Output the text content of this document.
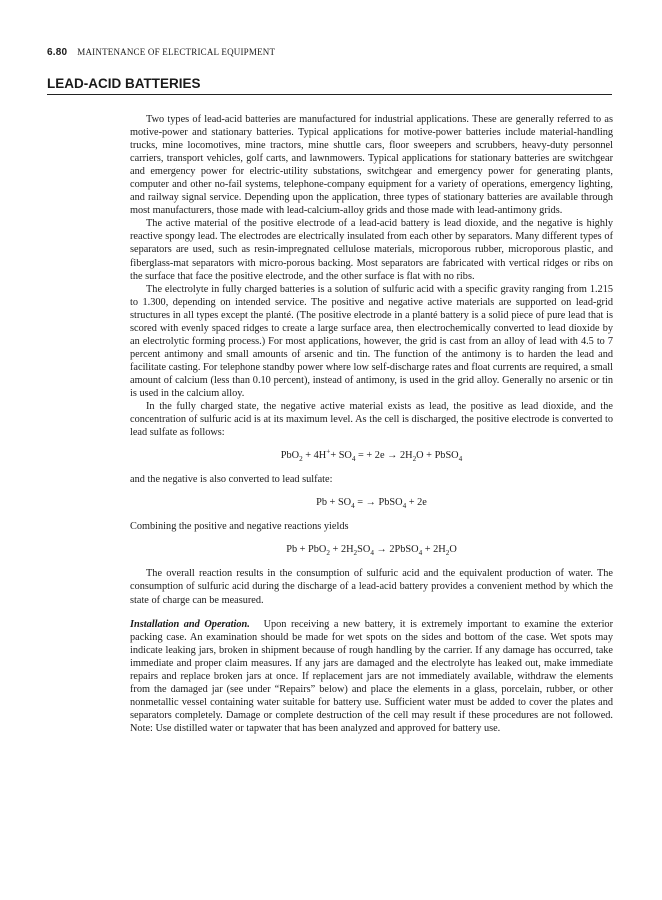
6.80 MAINTENANCE OF ELECTRICAL EQUIPMENT
LEAD-ACID BATTERIES

Two types of lead-acid batteries are manufactured for industrial applications. These are generally referred to as motive-power and stationary batteries. Typical applications for motive-power batteries include material-handling trucks, mine locomotives, mine tractors, mine shuttle cars, floor sweepers and scrubbers, heavy-duty personnel carriers, transport vehicles, golf carts, and lawnmowers. Typical applications for stationary batteries are switchgear and emergency power for electric-utility substations, switchgear and emergency power for generating plants, computer and other no-fail systems, telephone-company equipment for a variety of operations, emergency lighting, and railway signal service. Depending upon the application, three types of stationary batteries are available through most manufacturers, those made with lead-calcium-alloy grids and those made with lead-antimony grids.

The active material of the positive electrode of a lead-acid battery is lead dioxide, and the negative is highly reactive spongy lead. The electrodes are electrically insulated from each other by separators. Many different types of separators are used, such as resin-impregnated cellulose materials, microporous rubber, microporous plastic, and fiberglass-mat separators with micro-porous backing. Most separators are fabricated with vertical ridges or ribs on the surface that face the positive electrode, and the other surface is flat with no ribs.

The electrolyte in fully charged batteries is a solution of sulfuric acid with a specific gravity ranging from 1.215 to 1.300, depending on intended service. The positive and negative active materials are supported on lead-grid structures in all types except the planté. (The positive electrode in a planté battery is a solid piece of pure lead that is scored with evenly spaced ridges to create a large surface area, then electrochemically converted to lead dioxide by an electrolytic forming process.) For most applications, however, the grid is cast from an alloy of lead with 4.5 to 7 percent antimony and small amounts of arsenic and tin. The function of the antimony is to harden the lead and facilitate casting. For telephone standby power where low self-discharge rates and float currents are required, a small amount of calcium (less than 0.10 percent), instead of antimony, is used in the grid alloy. Generally no arsenic or tin is used in the calcium alloy.

In the fully charged state, the negative active material exists as lead, the positive as lead dioxide, and the concentration of sulfuric acid is at its maximum level. As the cell is discharged, the positive electrode is converted to lead sulfate as follows:

$PbO_2 + 4H^++ SO_4$ = + $2e \to 2H_2O$ + PbSO$_4$

and the negative is also converted to lead sulfate:

$Pb + SO_4$ = → PbSO$_4$ + 2e

Combining the positive and negative reactions yields

$Pb + PbO_2 + 2H_2SO_4$ → 2PbSO$_4$ + $2H_2O$

The overall reaction results in the consumption of sulfuric acid and the equivalent production of water. The consumption of sulfuric acid during the discharge of a lead-acid battery provides a convenient method by which the state of charge can be measured.

Installation and Operation. Upon receiving a new battery, it is extremely important to examine the exterior packing case. An examination should be made for wet spots on the sides and bottom of the case. Wet spots may indicate leaking jars, broken in shipment because of rough handling by the carrier. If any damage has occurred, take immediate and proper claim measures. If any jars are damaged and the electrolyte has leaked out, make immediate repairs and replace broken jars at once. If replacement jars are not immediately available, withdraw the elements from the damaged jar (see under “Repairs” below) and place the elements in a glass, porcelain, rubber, or other nonmetallic vessel containing water suitable for battery use. Sufficient water must be added to cover the plates and separators completely. Damage or complete destruction of the cell may result if these procedures are not followed. Note: Use distilled water or tapwater that has been analyzed and approved for battery use.
